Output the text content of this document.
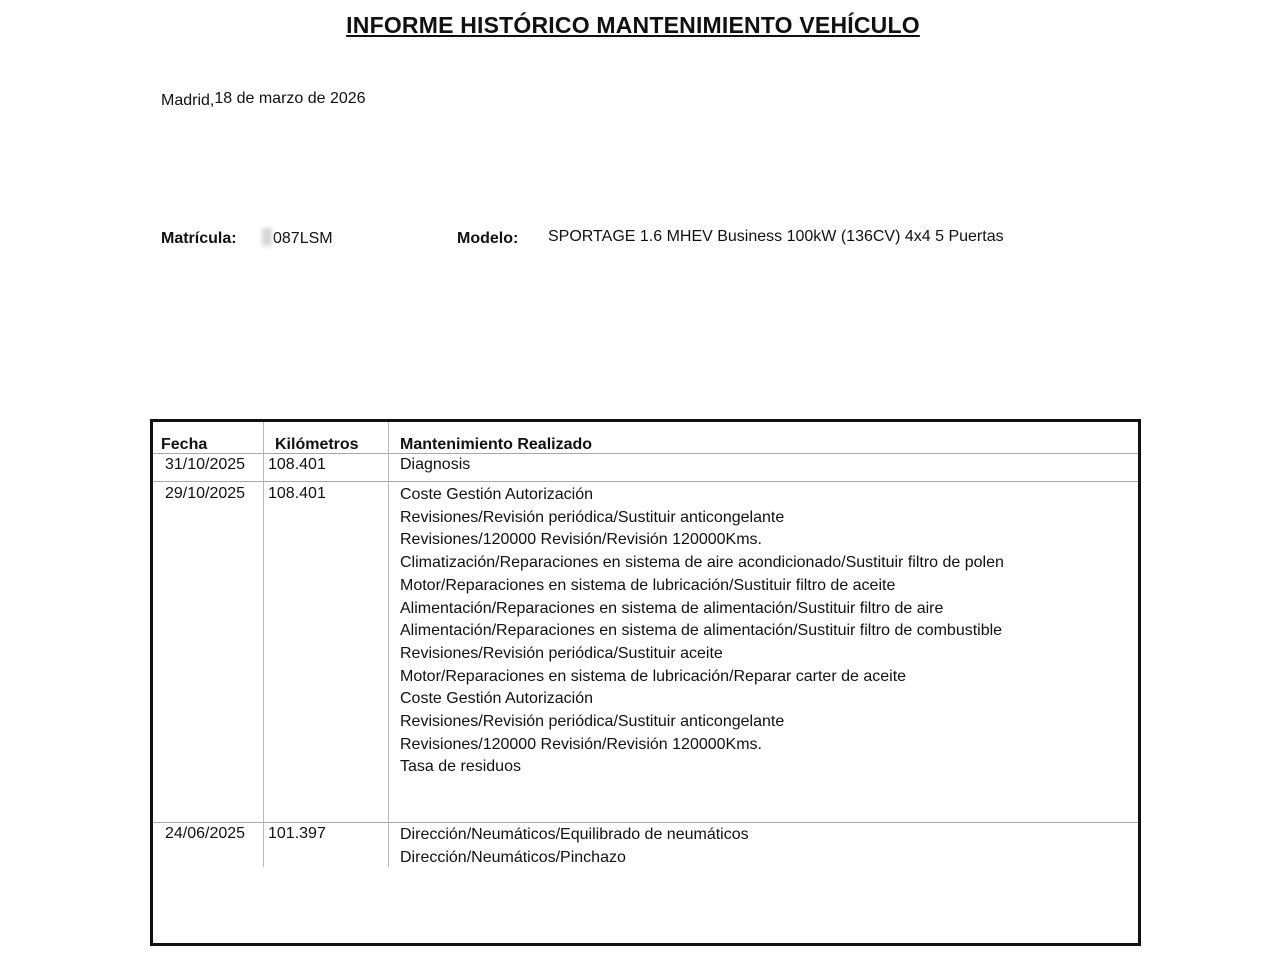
INFORME HISTÓRICO MANTENIMIENTO VEHÍCULO
Madrid,18 de marzo de 2026
Matrícula:	087LSM	Modelo: SPORTAGE 1.6 MHEV Business 100kW (136CV) 4x4 5 Puertas
Fecha	Kilómetros	Mantenimiento Realizado
31/10/2025 108.401	Diagnosis
29/10/2025 108.401	Coste Gestión Autorización
Revisiones/Revisión periódica/Sustituir anticongelante
Revisiones/120000 Revisión/Revisión 120000Kms.
Climatización/Reparaciones en sistema de aire acondicionado/Sustituir filtro de polen
Motor/Reparaciones en sistema de lubricación/Sustituir filtro de aceite
Alimentación/Reparaciones en sistema de alimentación/Sustituir filtro de aire
Alimentación/Reparaciones en sistema de alimentación/Sustituir filtro de combustible
Revisiones/Revisión periódica/Sustituir aceite
Motor/Reparaciones en sistema de lubricación/Reparar carter de aceite
Coste Gestión Autorización
Revisiones/Revisión periódica/Sustituir anticongelante
Revisiones/120000 Revisión/Revisión 120000Kms.
Tasa de residuos
24/06/2025 101.397	Dirección/Neumáticos/Equilibrado de neumáticos
Dirección/Neumáticos/Pinchazo
